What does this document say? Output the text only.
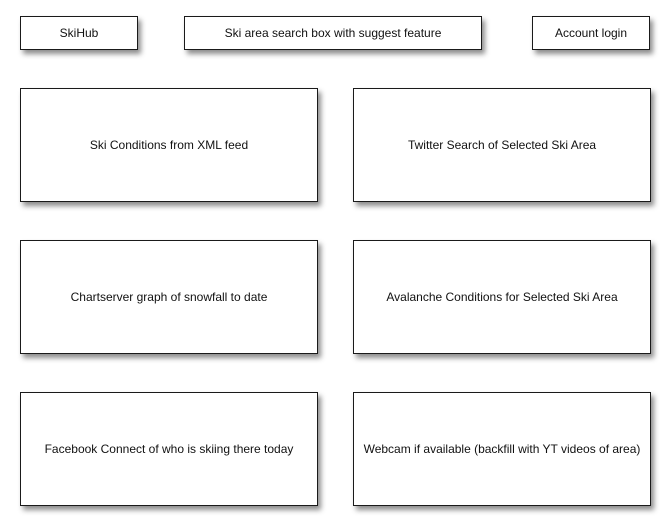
SkiHub	Ski area search box with suggest feature	Account login
Ski Conditions from XML feed	Twitter Search of Selected Ski Area
Chartserver graph of snowfall to date	Avalanche Conditions for Selected Ski Area
Facebook Connect of who is skiing there today	Webcam if available (backfill with YT videos of area)
